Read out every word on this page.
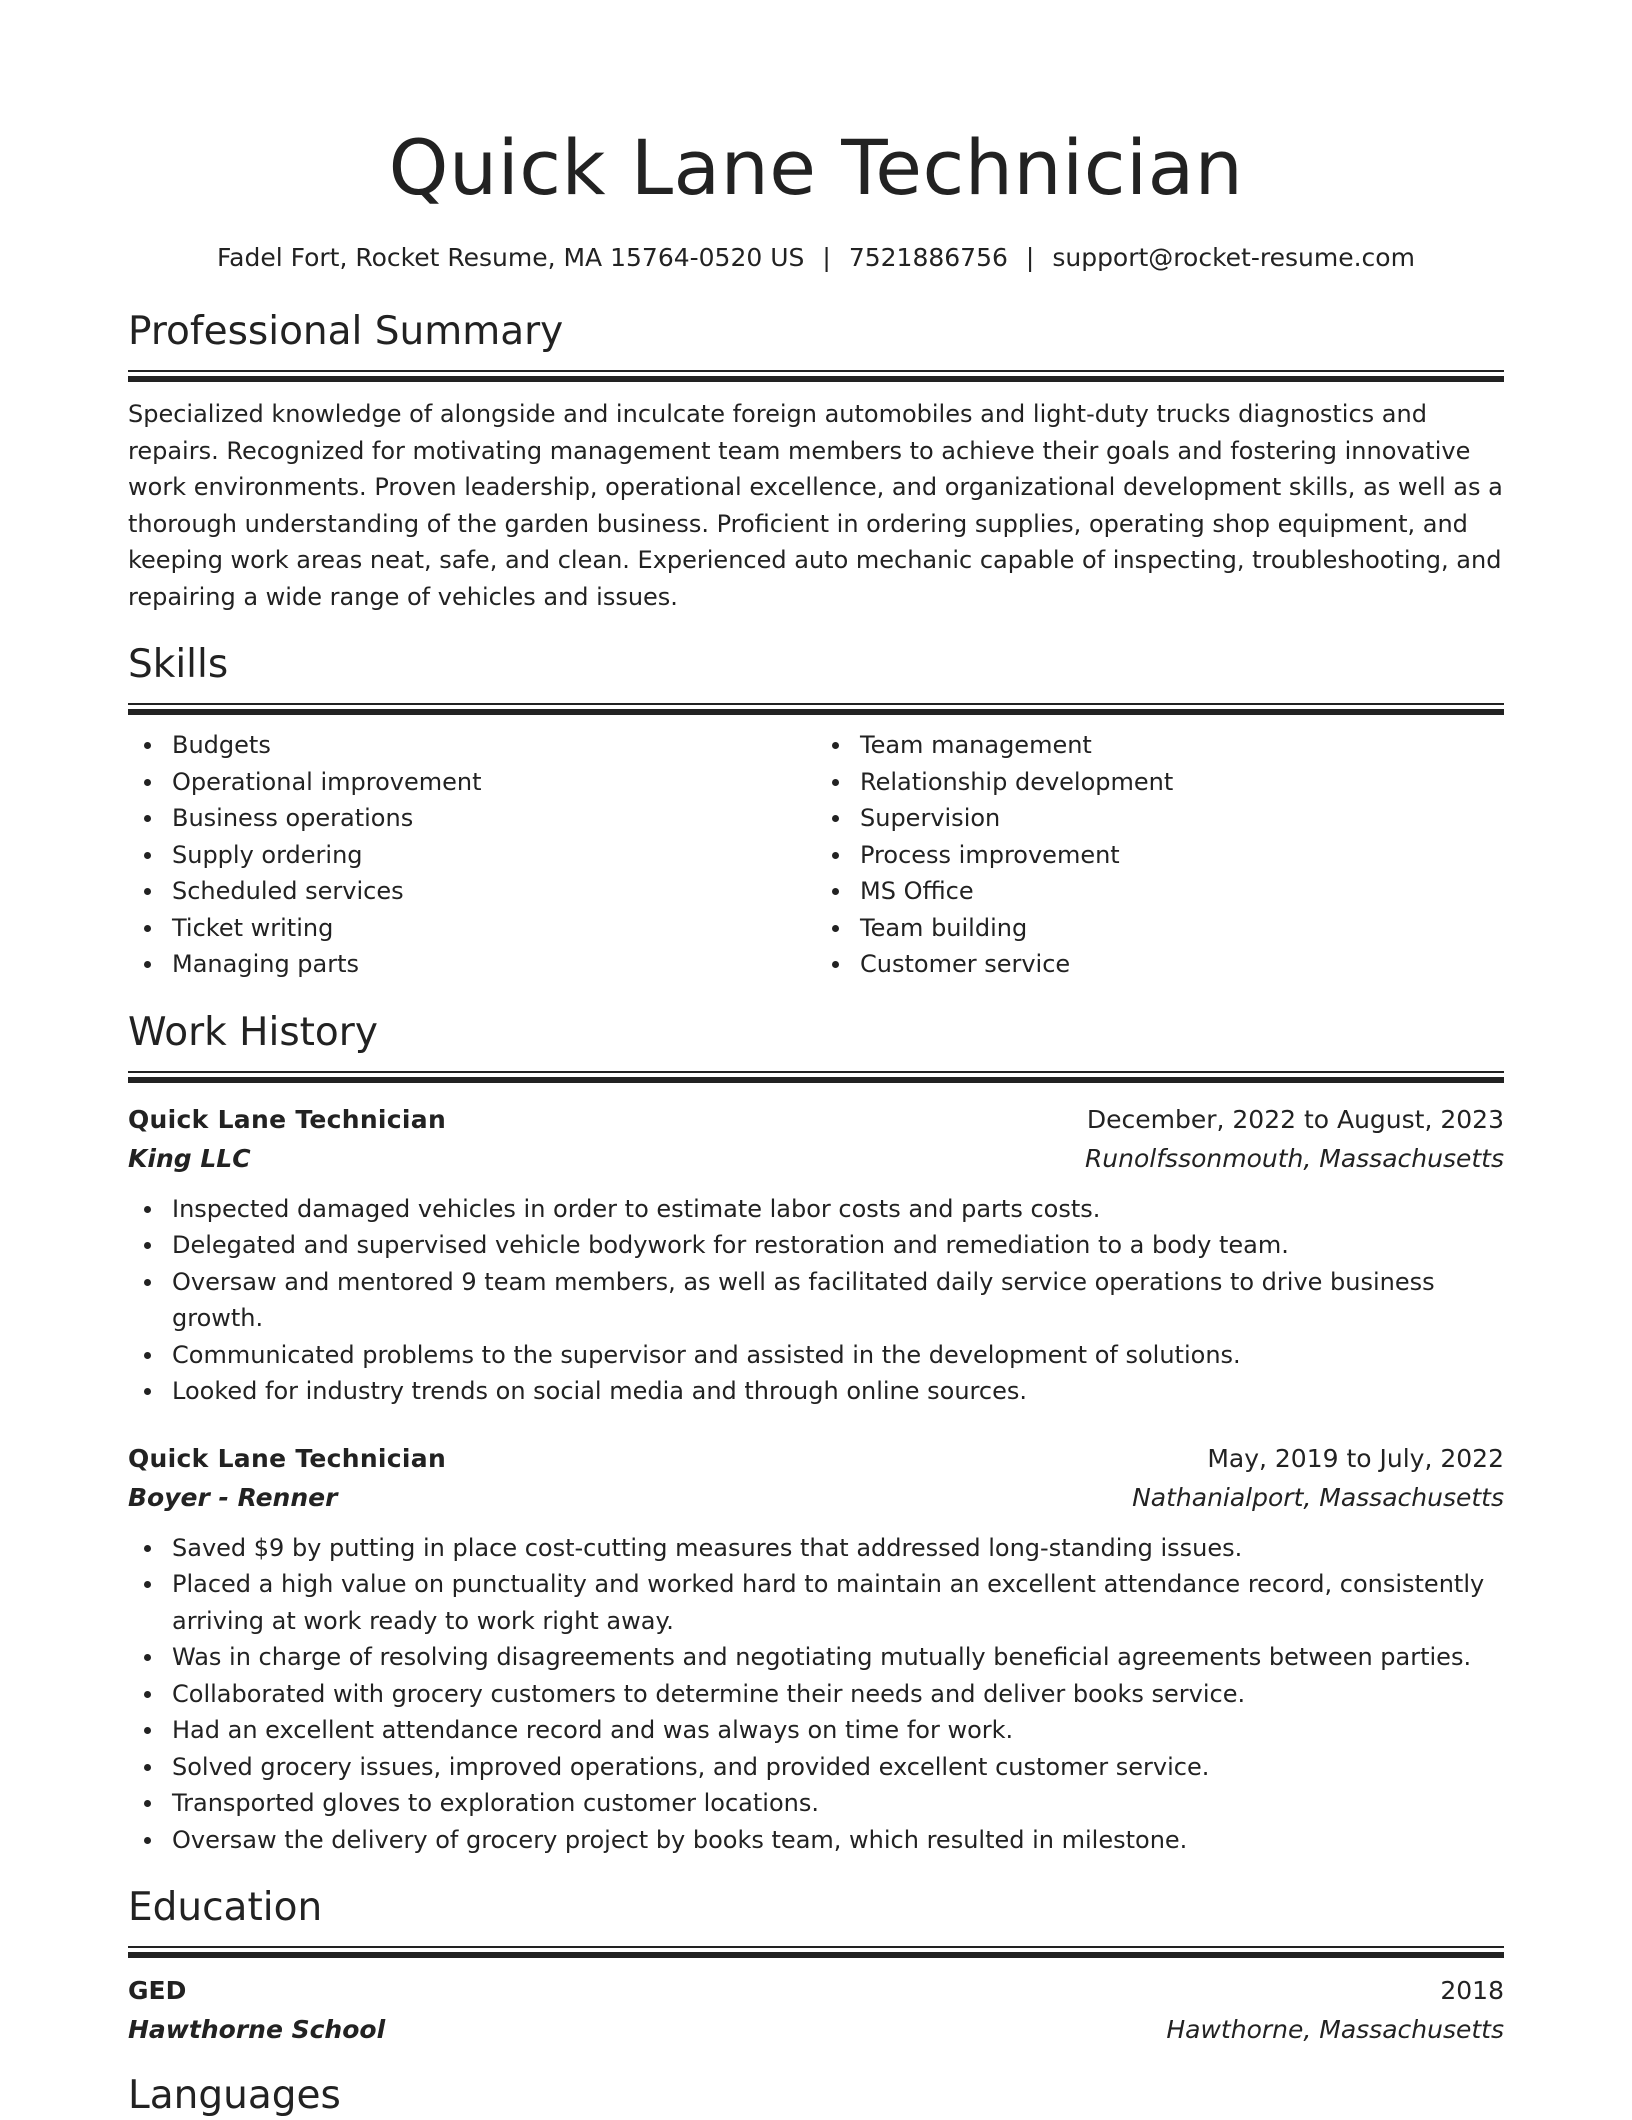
Quick Lane Technician
Fadel Fort, Rocket Resume, MA 15764-0520 US | 7521886756 | support@rocket-resume.com
Professional Summary
Specialized knowledge of alongside and inculcate foreign automobiles and light-duty trucks diagnostics and repairs. Recognized for motivating management team members to achieve their goals and fostering innovative work environments. Proven leadership, operational excellence, and organizational development skills, as well as a thorough understanding of the garden business. Proficient in ordering supplies, operating shop equipment, and keeping work areas neat, safe, and clean. Experienced auto mechanic capable of inspecting, troubleshooting, and repairing a wide range of vehicles and issues.
Skills
Budgets
Operational improvement
Business operations
Supply ordering
Scheduled services
Ticket writing
Managing parts
Team management
Relationship development
Supervision
Process improvement
MS Office
Team building
Customer service
Work History
Quick Lane Technician	December, 2022 to August, 2023
King LLC	Runolfssonmouth, Massachusetts
Inspected damaged vehicles in order to estimate labor costs and parts costs.
Delegated and supervised vehicle bodywork for restoration and remediation to a body team.
Oversaw and mentored 9 team members, as well as facilitated daily service operations to drive business growth.
Communicated problems to the supervisor and assisted in the development of solutions.
Looked for industry trends on social media and through online sources.
Quick Lane Technician	May, 2019 to July, 2022
Boyer - Renner	Nathanialport, Massachusetts
Saved $9 by putting in place cost-cutting measures that addressed long-standing issues.
Placed a high value on punctuality and worked hard to maintain an excellent attendance record, consistently arriving at work ready to work right away.
Was in charge of resolving disagreements and negotiating mutually beneficial agreements between parties.
Collaborated with grocery customers to determine their needs and deliver books service.
Had an excellent attendance record and was always on time for work.
Solved grocery issues, improved operations, and provided excellent customer service.
Transported gloves to exploration customer locations.
Oversaw the delivery of grocery project by books team, which resulted in milestone.
Education
GED	2018
Hawthorne School	Hawthorne, Massachusetts
Languages
